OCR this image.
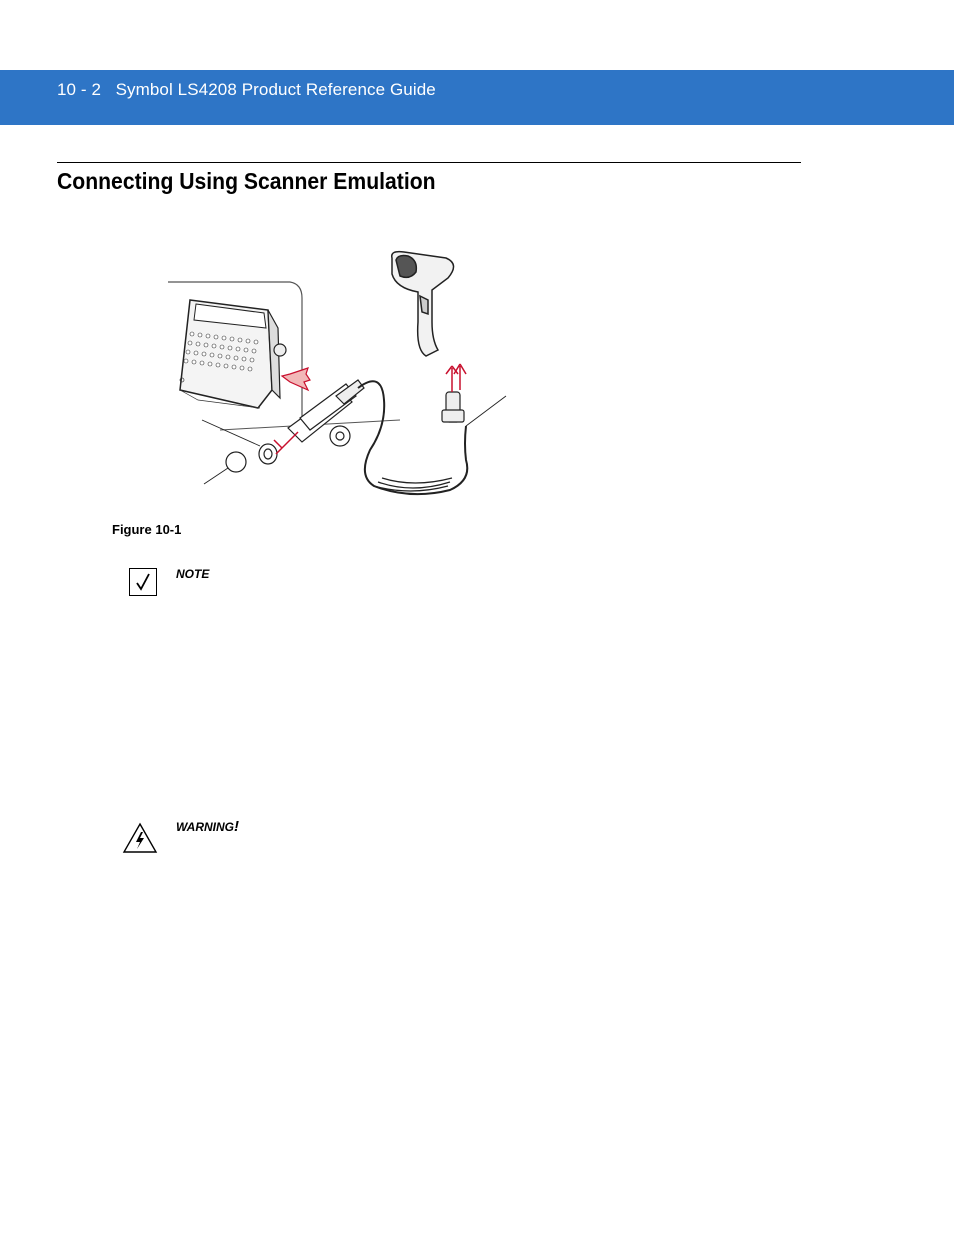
10 - 2 Symbol LS4208 Product Reference Guide
Connecting Using Scanner Emulation
Figure 10-1
NOTE
WARNING!
